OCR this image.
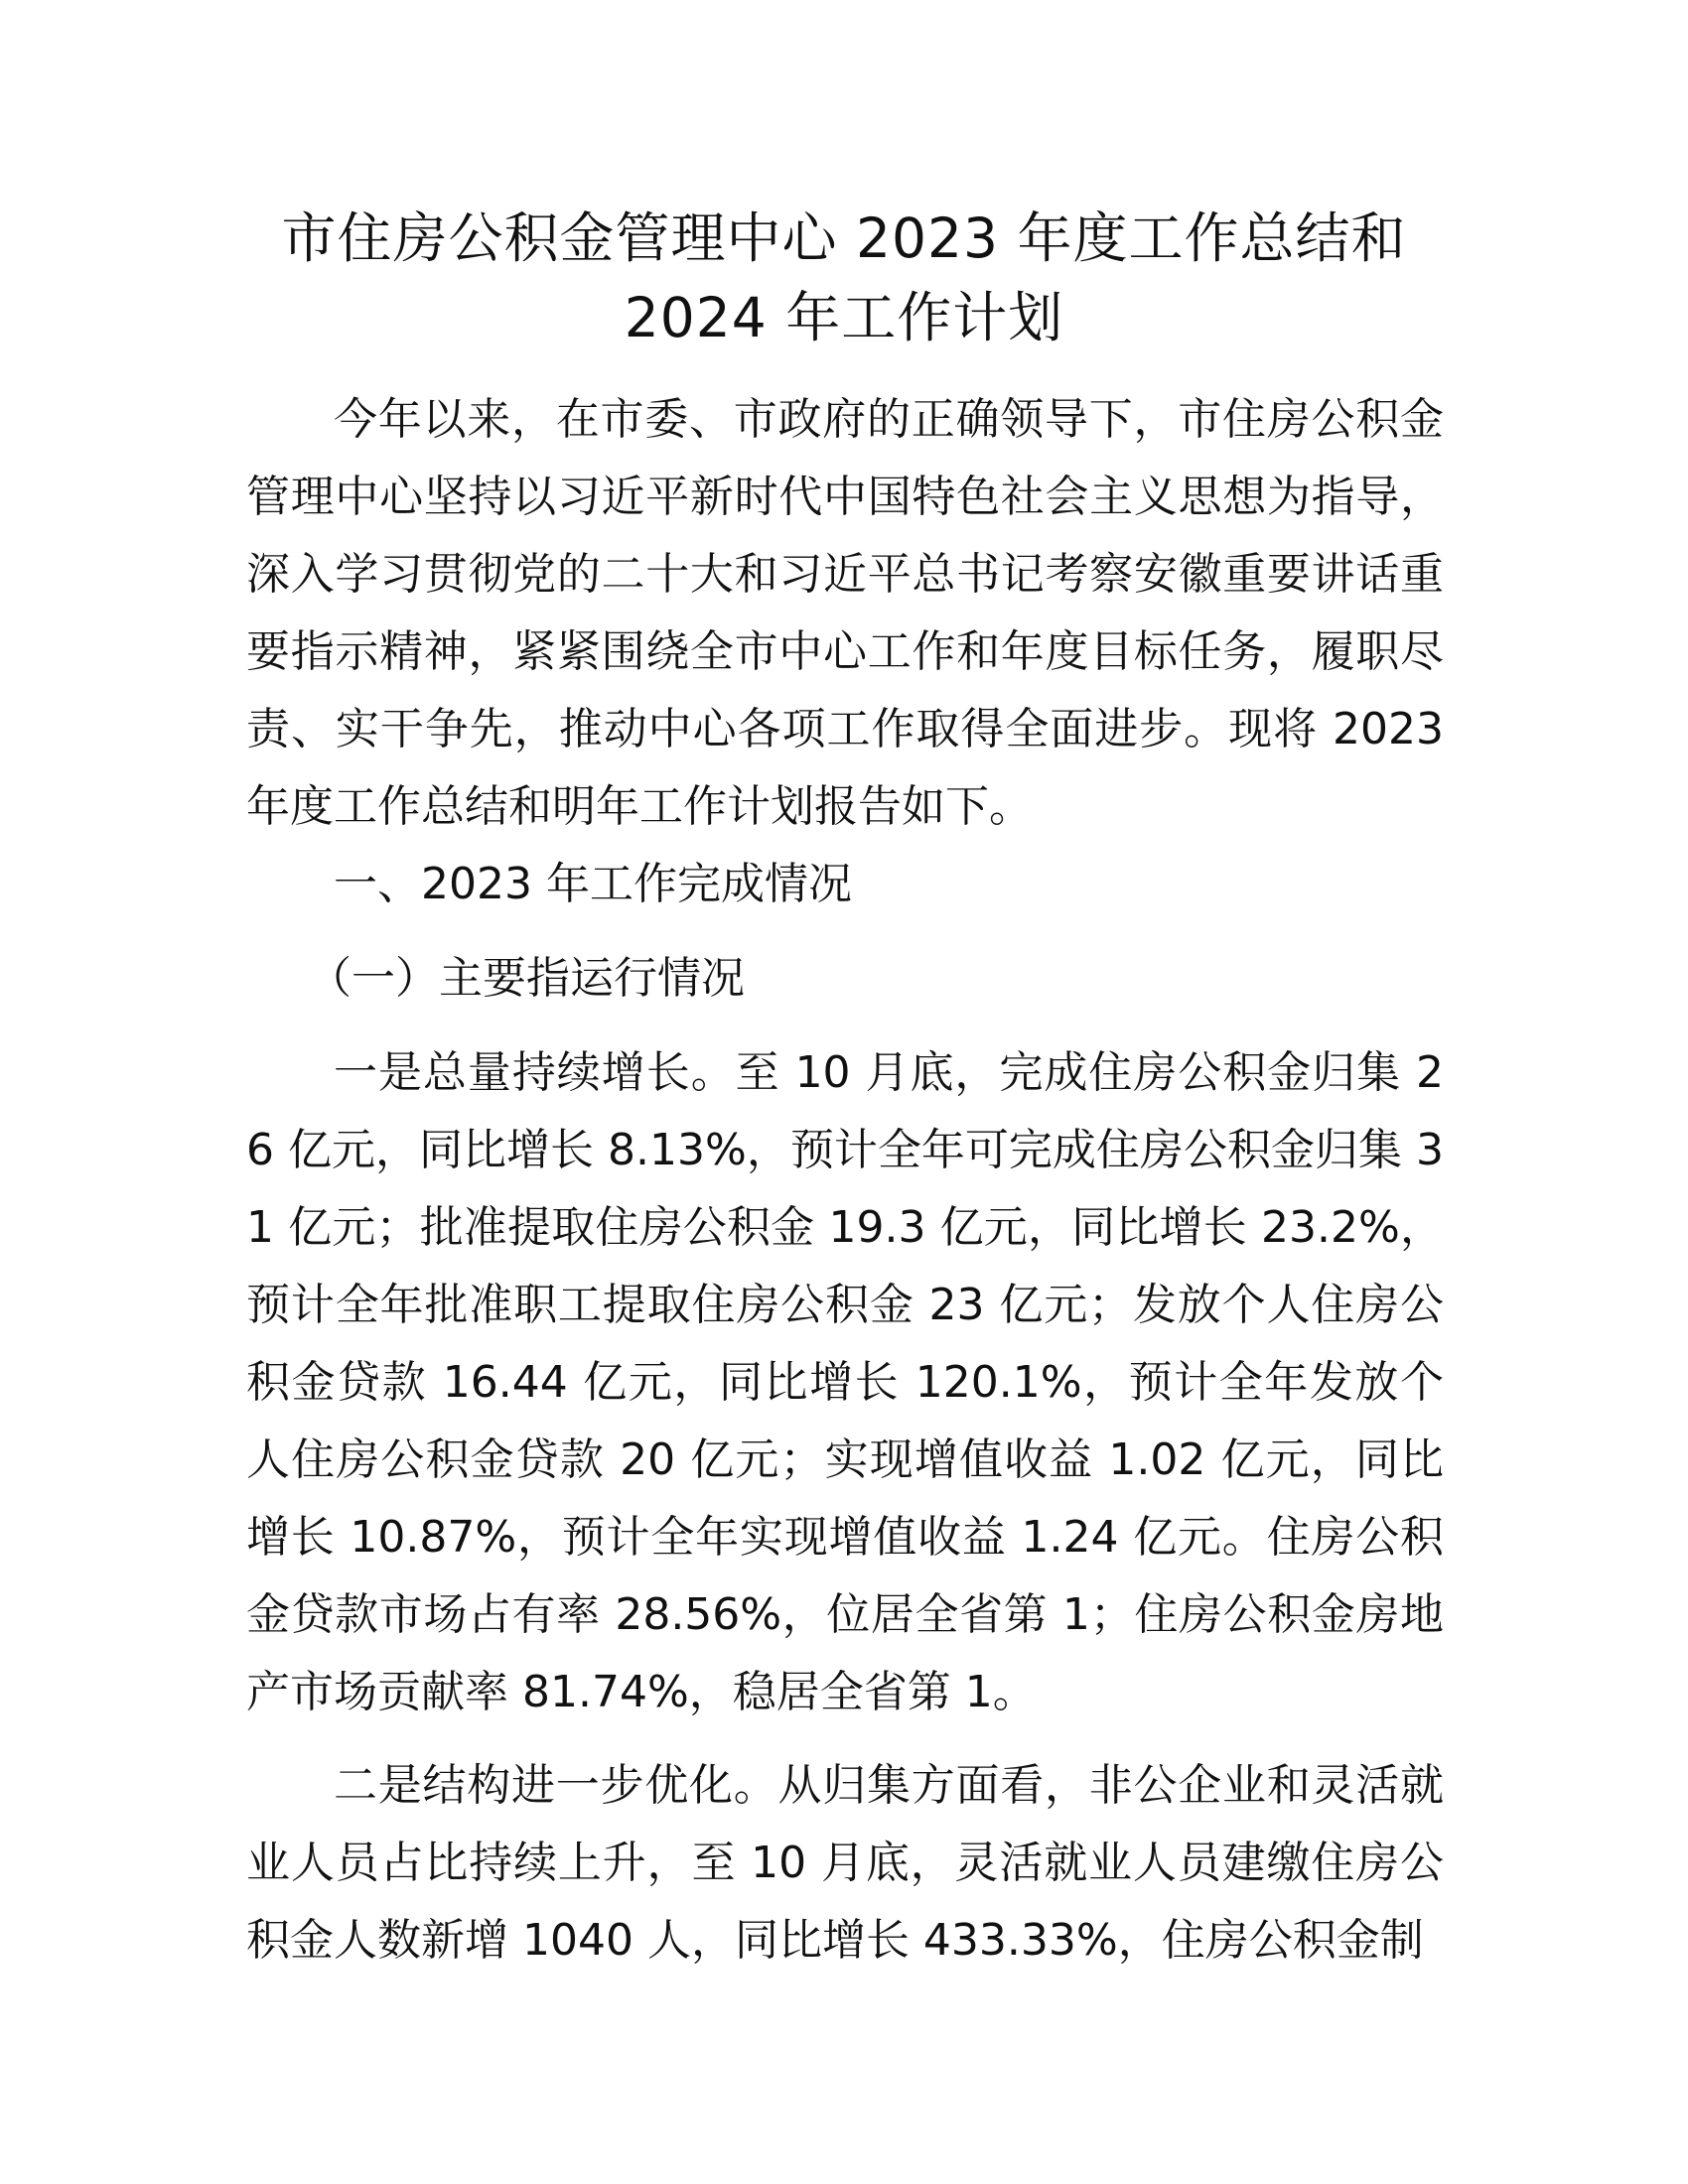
市住房公积金管理中心 2023 年度工作总结和
2024 年工作计划

今年以来，在市委、市政府的正确领导下，市住房公积金管理中心坚持以习近平新时代中国特色社会主义思想为指导，深入学习贯彻党的二十大和习近平总书记考察安徽重要讲话重要指示精神，紧紧围绕全市中心工作和年度目标任务，履职尽责、实干争先，推动中心各项工作取得全面进步。现将 2023 年度工作总结和明年工作计划报告如下。

一、2023 年工作完成情况

（一）主要指运行情况

一是总量持续增长。至 10 月底，完成住房公积金归集 26 亿元，同比增长 8.13%，预计全年可完成住房公积金归集 31 亿元；批准提取住房公积金 19.3 亿元，同比增长 23.2%，预计全年批准职工提取住房公积金 23 亿元；发放个人住房公积金贷款 16.44 亿元，同比增长 120.1%，预计全年发放个人住房公积金贷款 20 亿元；实现增值收益 1.02 亿元，同比增长 10.87%，预计全年实现增值收益 1.24 亿元。住房公积金贷款市场占有率 28.56%，位居全省第 1；住房公积金房地产市场贡献率 81.74%，稳居全省第 1。

二是结构进一步优化。从归集方面看，非公企业和灵活就业人员占比持续上升，至 10 月底，灵活就业人员建缴住房公积金人数新增 1040 人，同比增长 433.33%，住房公积金制
